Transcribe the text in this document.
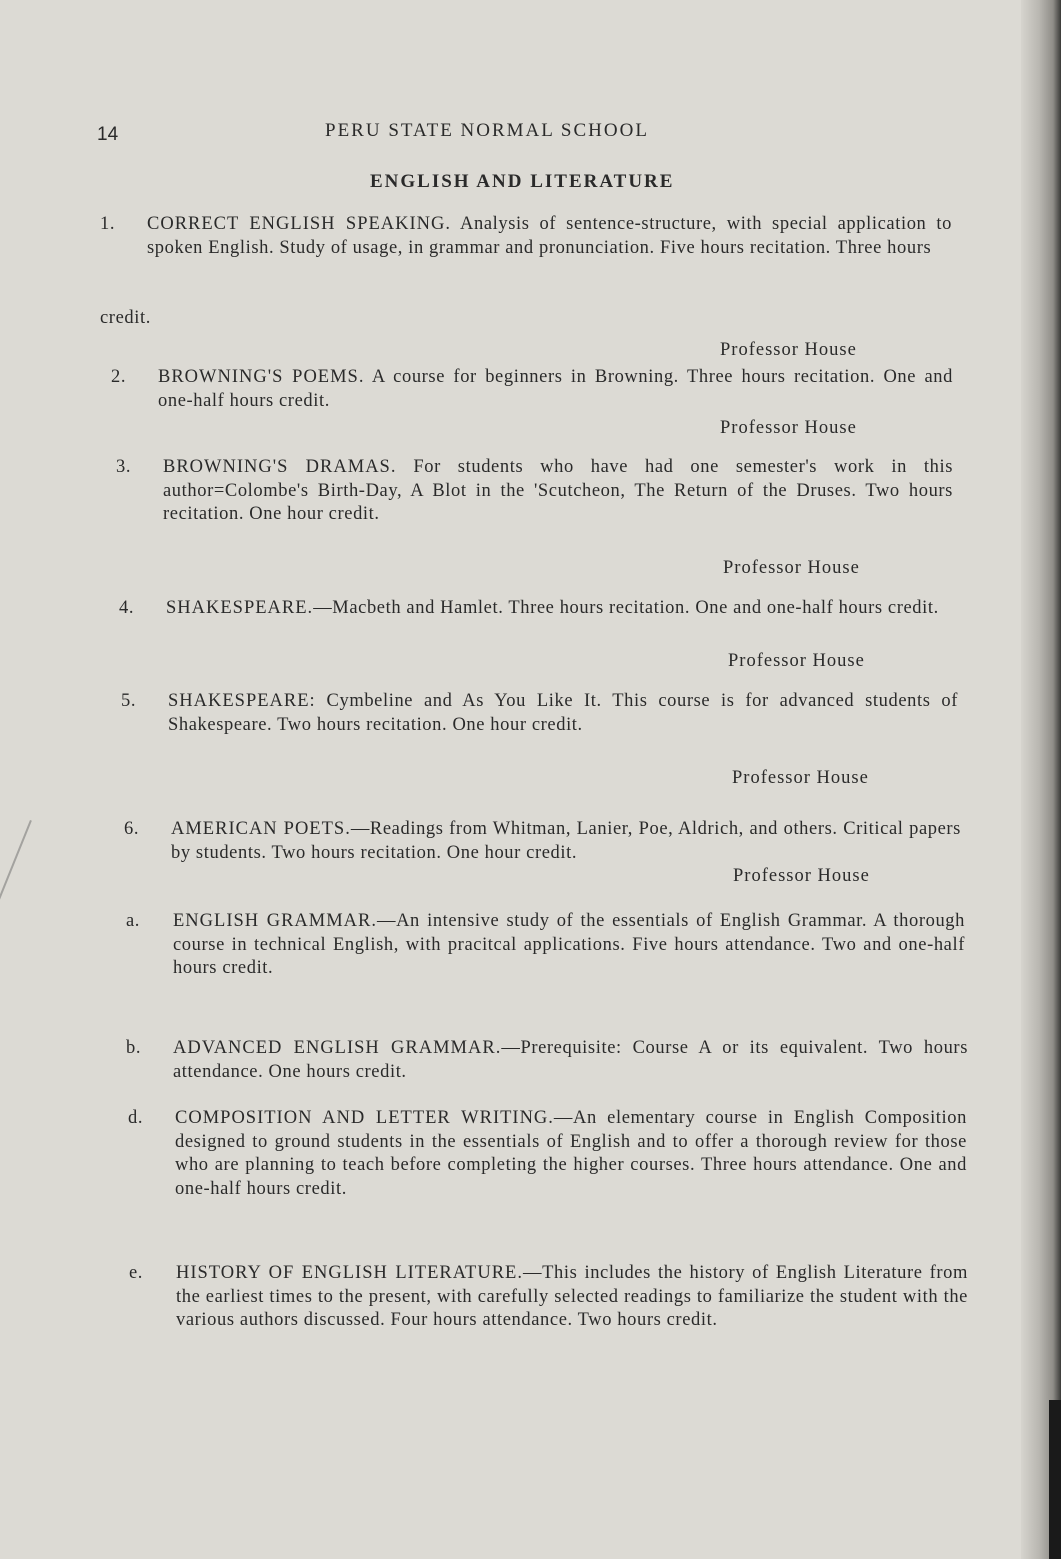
14	PERU STATE NORMAL SCHOOL
ENGLISH AND LITERATURE
1.	CORRECT ENGLISH SPEAKING. Analysis of sentence-structure, with special application to spoken English. Study of usage, in grammar and pronunciation. Five hours recitation. Three hours
credit.
Professor House
2.	BROWNING'S POEMS. A course for beginners in Browning. Three hours recitation. One and one-half hours credit.
Professor House
3.	BROWNING'S DRAMAS. For students who have had one semester's work in this author=Colombe's Birth-Day, A Blot in the 'Scutcheon, The Return of the Druses. Two hours recitation. One hour credit.
Professor House
4.	SHAKESPEARE.—Macbeth and Hamlet. Three hours recitation. One and one-half hours credit.
Professor House
5.	SHAKESPEARE: Cymbeline and As You Like It. This course is for advanced students of Shakespeare. Two hours recitation. One hour credit.
Professor House
6.	AMERICAN POETS.—Readings from Whitman, Lanier, Poe, Aldrich, and others. Critical papers by students. Two hours recitation. One hour credit.
Professor House
a.	ENGLISH GRAMMAR.—An intensive study of the essentials of English Grammar. A thorough course in technical English, with pracitcal applications. Five hours attendance. Two and one-half hours credit.
b.	ADVANCED ENGLISH GRAMMAR.—Prerequisite: Course A or its equivalent. Two hours attendance. One hours credit.
d.	COMPOSITION AND LETTER WRITING.—An elementary course in English Composition designed to ground students in the essentials of English and to offer a thorough review for those who are planning to teach before completing the higher courses. Three hours attendance. One and one-half hours credit.
e.	HISTORY OF ENGLISH LITERATURE.—This includes the history of English Literature from the earliest times to the present, with carefully selected readings to familiarize the student with the various authors discussed. Four hours attendance. Two hours credit.
